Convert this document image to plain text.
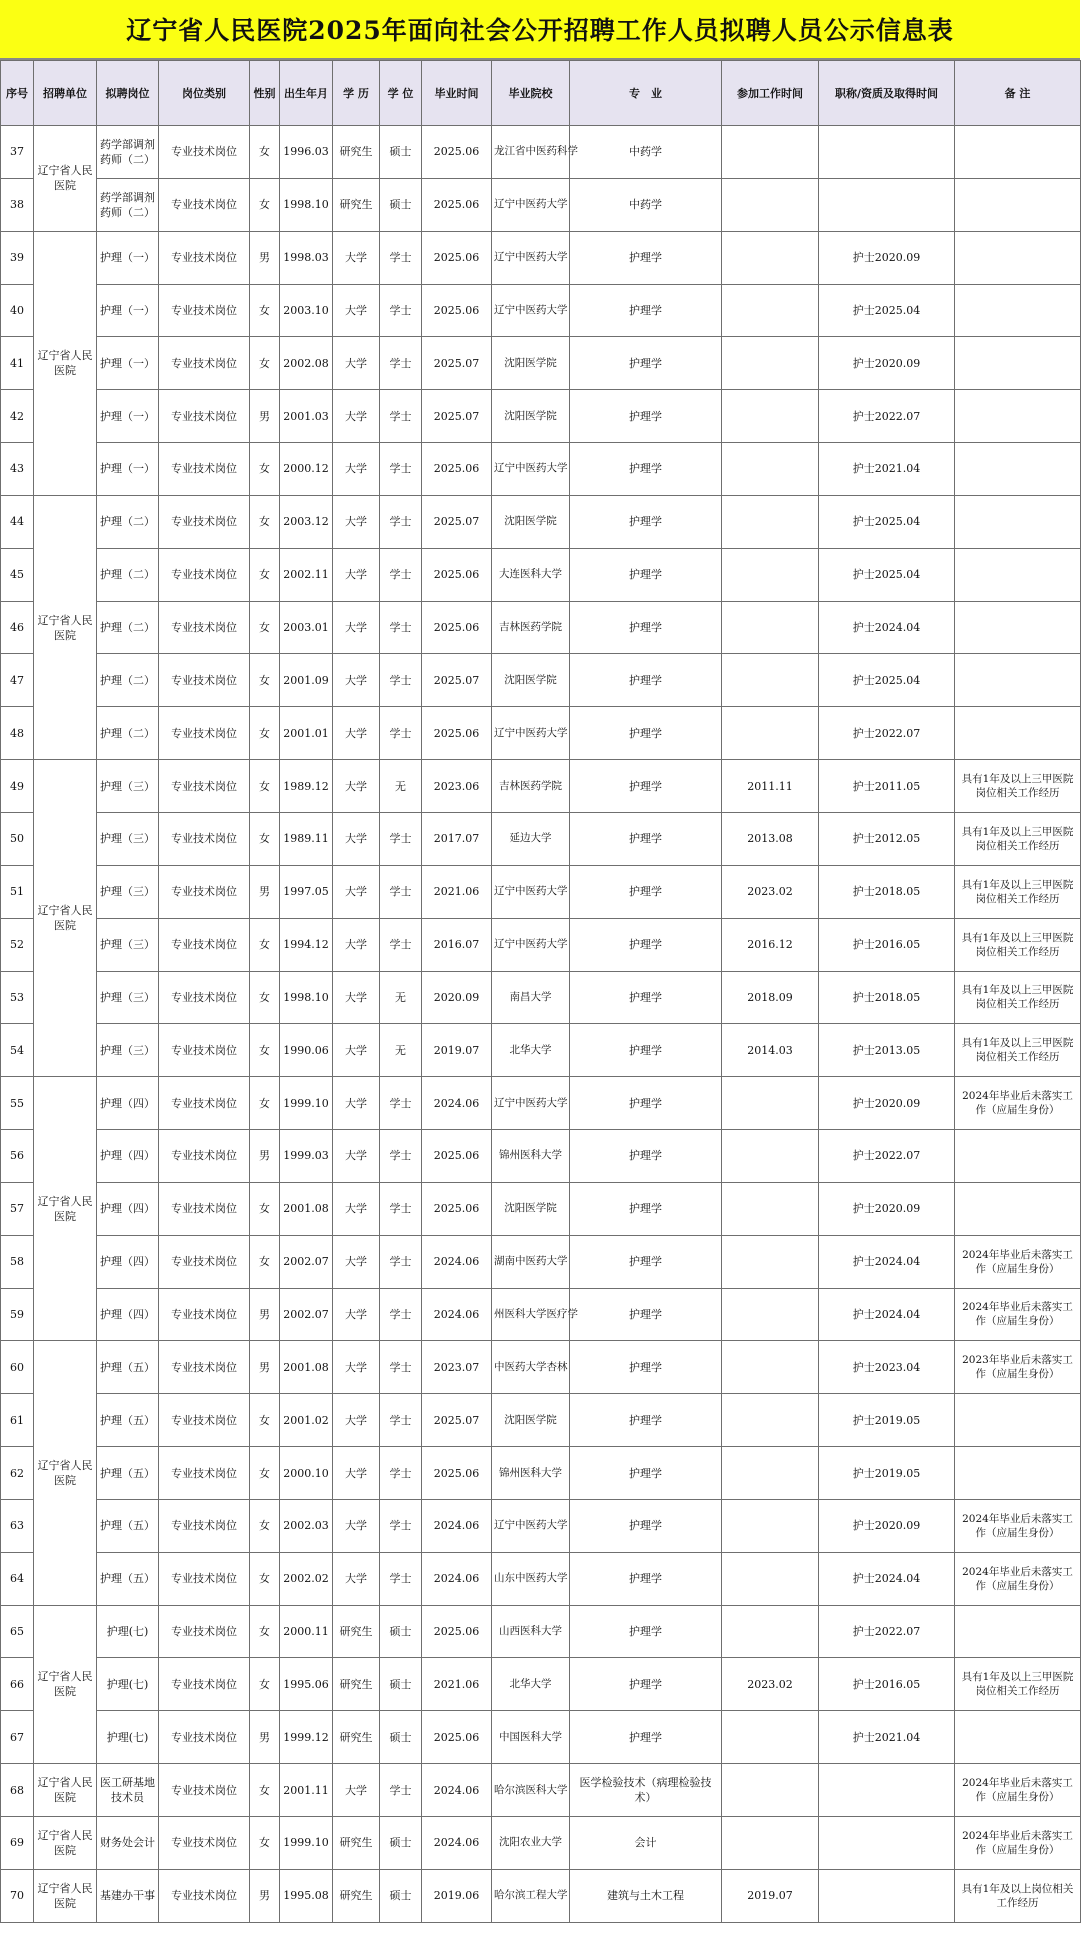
辽宁省人民医院2025年面向社会公开招聘工作人员拟聘人员公示信息表
序号	招聘单位	拟聘岗位	岗位类别	性别	出生年月	学 历	学 位	毕业时间	毕业院校	专　业	参加工作时间	职称/资质及取得时间	备 注
37	辽宁省人民医院	药学部调剂药师（二）	专业技术岗位	女	1996.03	研究生	硕士	2025.06	龙江省中医药科学	中药学			
38		药学部调剂药师（二）	专业技术岗位	女	1998.10	研究生	硕士	2025.06	辽宁中医药大学	中药学			
39	辽宁省人民医院	护理（一）	专业技术岗位	男	1998.03	大学	学士	2025.06	辽宁中医药大学	护理学		护士2020.09	
40		护理（一）	专业技术岗位	女	2003.10	大学	学士	2025.06	辽宁中医药大学	护理学		护士2025.04	
41		护理（一）	专业技术岗位	女	2002.08	大学	学士	2025.07	沈阳医学院	护理学		护士2020.09	
42		护理（一）	专业技术岗位	男	2001.03	大学	学士	2025.07	沈阳医学院	护理学		护士2022.07	
43		护理（一）	专业技术岗位	女	2000.12	大学	学士	2025.06	辽宁中医药大学	护理学		护士2021.04	
44	辽宁省人民医院	护理（二）	专业技术岗位	女	2003.12	大学	学士	2025.07	沈阳医学院	护理学		护士2025.04	
45		护理（二）	专业技术岗位	女	2002.11	大学	学士	2025.06	大连医科大学	护理学		护士2025.04	
46		护理（二）	专业技术岗位	女	2003.01	大学	学士	2025.06	吉林医药学院	护理学		护士2024.04	
47		护理（二）	专业技术岗位	女	2001.09	大学	学士	2025.07	沈阳医学院	护理学		护士2025.04	
48		护理（二）	专业技术岗位	女	2001.01	大学	学士	2025.06	辽宁中医药大学	护理学		护士2022.07	
49	辽宁省人民医院	护理（三）	专业技术岗位	女	1989.12	大学	无	2023.06	吉林医药学院	护理学	2011.11	护士2011.05	具有1年及以上三甲医院岗位相关工作经历
50		护理（三）	专业技术岗位	女	1989.11	大学	学士	2017.07	延边大学	护理学	2013.08	护士2012.05	具有1年及以上三甲医院岗位相关工作经历
51		护理（三）	专业技术岗位	男	1997.05	大学	学士	2021.06	辽宁中医药大学	护理学	2023.02	护士2018.05	具有1年及以上三甲医院岗位相关工作经历
52		护理（三）	专业技术岗位	女	1994.12	大学	学士	2016.07	辽宁中医药大学	护理学	2016.12	护士2016.05	具有1年及以上三甲医院岗位相关工作经历
53		护理（三）	专业技术岗位	女	1998.10	大学	无	2020.09	南昌大学	护理学	2018.09	护士2018.05	具有1年及以上三甲医院岗位相关工作经历
54		护理（三）	专业技术岗位	女	1990.06	大学	无	2019.07	北华大学	护理学	2014.03	护士2013.05	具有1年及以上三甲医院岗位相关工作经历
55	辽宁省人民医院	护理（四）	专业技术岗位	女	1999.10	大学	学士	2024.06	辽宁中医药大学	护理学		护士2020.09	2024年毕业后未落实工作（应届生身份）
56		护理（四）	专业技术岗位	男	1999.03	大学	学士	2025.06	锦州医科大学	护理学		护士2022.07	
57		护理（四）	专业技术岗位	女	2001.08	大学	学士	2025.06	沈阳医学院	护理学		护士2020.09	
58		护理（四）	专业技术岗位	女	2002.07	大学	学士	2024.06	湖南中医药大学	护理学		护士2024.04	2024年毕业后未落实工作（应届生身份）
59		护理（四）	专业技术岗位	男	2002.07	大学	学士	2024.06	州医科大学医疗学	护理学		护士2024.04	2024年毕业后未落实工作（应届生身份）
60	辽宁省人民医院	护理（五）	专业技术岗位	男	2001.08	大学	学士	2023.07	中医药大学杏林	护理学		护士2023.04	2023年毕业后未落实工作（应届生身份）
61		护理（五）	专业技术岗位	女	2001.02	大学	学士	2025.07	沈阳医学院	护理学		护士2019.05	
62		护理（五）	专业技术岗位	女	2000.10	大学	学士	2025.06	锦州医科大学	护理学		护士2019.05	
63		护理（五）	专业技术岗位	女	2002.03	大学	学士	2024.06	辽宁中医药大学	护理学		护士2020.09	2024年毕业后未落实工作（应届生身份）
64		护理（五）	专业技术岗位	女	2002.02	大学	学士	2024.06	山东中医药大学	护理学		护士2024.04	2024年毕业后未落实工作（应届生身份）
65	辽宁省人民医院	护理(七)	专业技术岗位	女	2000.11	研究生	硕士	2025.06	山西医科大学	护理学		护士2022.07	
66		护理(七)	专业技术岗位	女	1995.06	研究生	硕士	2021.06	北华大学	护理学	2023.02	护士2016.05	具有1年及以上三甲医院岗位相关工作经历
67		护理(七)	专业技术岗位	男	1999.12	研究生	硕士	2025.06	中国医科大学	护理学		护士2021.04	
68	辽宁省人民医院	医工研基地技术员	专业技术岗位	女	2001.11	大学	学士	2024.06	哈尔滨医科大学	医学检验技术（病理检验技术）			2024年毕业后未落实工作（应届生身份）
69	辽宁省人民医院	财务处会计	专业技术岗位	女	1999.10	研究生	硕士	2024.06	沈阳农业大学	会计			2024年毕业后未落实工作（应届生身份）
70	辽宁省人民医院	基建办干事	专业技术岗位	男	1995.08	研究生	硕士	2019.06	哈尔滨工程大学	建筑与土木工程	2019.07		具有1年及以上岗位相关工作经历
